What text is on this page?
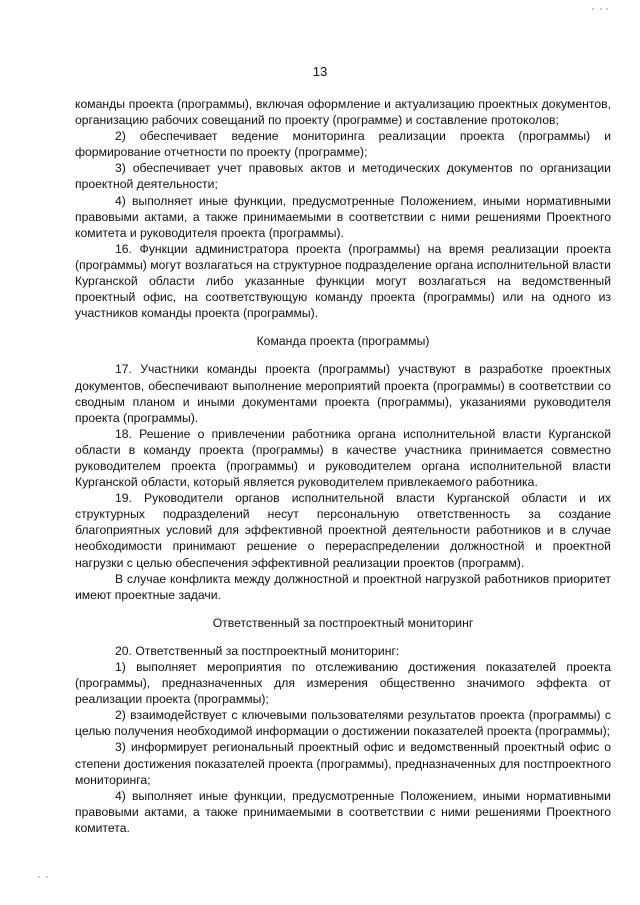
13

команды проекта (программы), включая оформление и актуализацию проектных документов, организацию рабочих совещаний по проекту (программе) и составление протоколов;

2) обеспечивает ведение мониторинга реализации проекта (программы) и формирование отчетности по проекту (программе);

3) обеспечивает учет правовых актов и методических документов по организации проектной деятельности;

4) выполняет иные функции, предусмотренные Положением, иными нормативными правовыми актами, а также принимаемыми в соответствии с ними решениями Проектного комитета и руководителя проекта (программы).

16. Функции администратора проекта (программы) на время реализации проекта (программы) могут возлагаться на структурное подразделение органа исполнительной власти Курганской области либо указанные функции могут возлагаться на ведомственный проектный офис, на соответствующую команду проекта (программы) или на одного из участников команды проекта (программы).

Команда проекта (программы)

17. Участники команды проекта (программы) участвуют в разработке проектных документов, обеспечивают выполнение мероприятий проекта (программы) в соответствии со сводным планом и иными документами проекта (программы), указаниями руководителя проекта (программы).

18. Решение о привлечении работника органа исполнительной власти Курганской области в команду проекта (программы) в качестве участника принимается совместно руководителем проекта (программы) и руководителем органа исполнительной власти Курганской области, который является руководителем привлекаемого работника.

19. Руководители органов исполнительной власти Курганской области и их структурных подразделений несут персональную ответственность за создание благоприятных условий для эффективной проектной деятельности работников и в случае необходимости принимают решение о перераспределении должностной и проектной нагрузки с целью обеспечения эффективной реализации проектов (программ).

В случае конфликта между должностной и проектной нагрузкой работников приоритет имеют проектные задачи.

Ответственный за постпроектный мониторинг

20. Ответственный за постпроектный мониторинг:

1) выполняет мероприятия по отслеживанию достижения показателей проекта (программы), предназначенных для измерения общественно значимого эффекта от реализации проекта (программы);

2) взаимодействует с ключевыми пользователями результатов проекта (программы) с целью получения необходимой информации о достижении показателей проекта (программы);

3) информирует региональный проектный офис и ведомственный проектный офис о степени достижения показателей проекта (программы), предназначенных для постпроектного мониторинга;

4) выполняет иные функции, предусмотренные Положением, иными нормативными правовыми актами, а также принимаемыми в соответствии с ними решениями Проектного комитета.
